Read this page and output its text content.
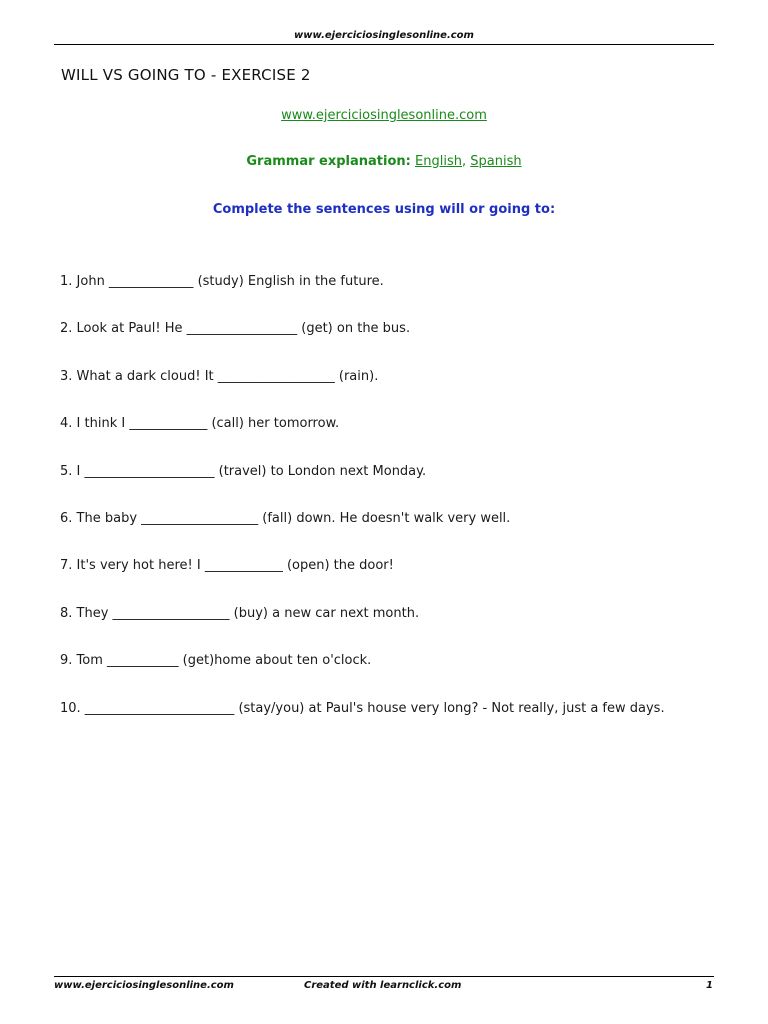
www.ejerciciosinglesonline.com
WILL VS GOING TO - EXERCISE 2
www.ejerciciosinglesonline.com
Grammar explanation: English, Spanish
Complete the sentences using will or going to:
1. John _____________ (study) English in the future.
2. Look at Paul! He _________________ (get) on the bus.
3. What a dark cloud! It __________________ (rain).
4. I think I ____________ (call) her tomorrow.
5. I ____________________ (travel) to London next Monday.
6. The baby __________________ (fall) down. He doesn't walk very well.
7. It's very hot here! I ____________ (open) the door!
8. They __________________ (buy) a new car next month.
9. Tom ___________ (get)home about ten o'clock.
10. _______________________ (stay/you) at Paul's house very long? - Not really, just a few days.
www.ejerciciosinglesonline.com	Created with learnclick.com	1
